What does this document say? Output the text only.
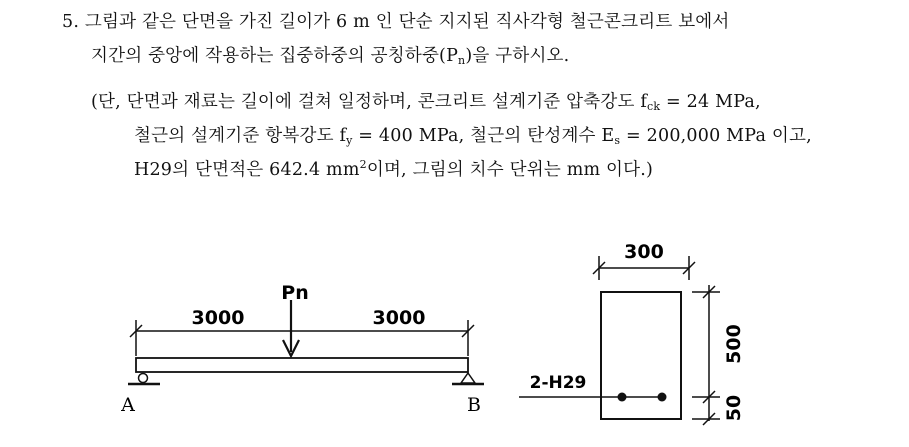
5. 그림과 같은 단면을 가진 길이가 6 m 인 단순 지지된 직사각형 철근콘크리트 보에서
지간의 중앙에 작용하는 집중하중의 공칭하중$(P_n)$을 구하시오.
(단, 단면과 재료는 길이에 걸쳐 일정하며, 콘크리트 설계기준 압축강도 $f_{ck} = 24$ MPa,
철근의 설계기준 항복강도 $f_y = 400$ MPa, 철근의 탄성계수 $E_s = 200,000$ MPa 이고,
H29의 단면적은 642.4 $mm^2$이며, 그림의 치수 단위는 mm 이다.)
Pn
3000	3000
A	B
300
2-H29
500
50
